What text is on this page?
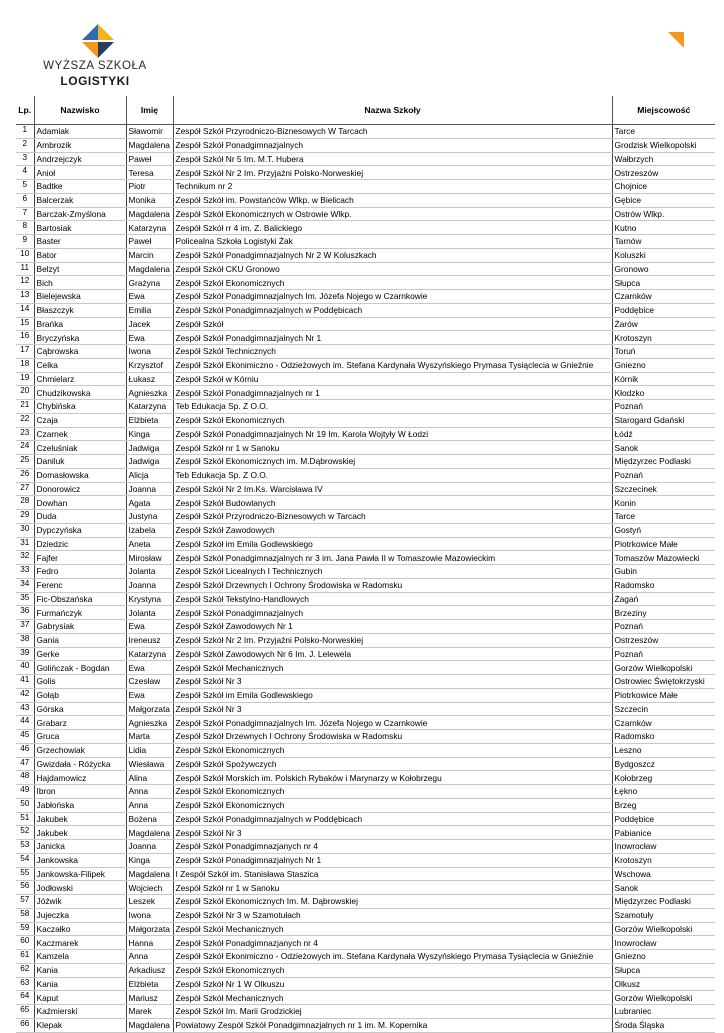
WYŻSZA SZKOŁA
LOGISTYKI
Lp.	Nazwisko	Imię	Nazwa Szkoły	Miejscowość
1	Adamiak	Sławomir	Zespół Szkół Przyrodniczo-Biznesowych W Tarcach	Tarce
2	Ambrozik	Magdalena	Zespół Szkół Ponadgimnazjalnych	Grodzisk Wielkopolski
3	Andrzejczyk	Paweł	Zespół Szkół Nr 5 Im. M.T. Hubera	Wałbrzych
4	Anioł	Teresa	Zespół Szkół Nr 2 Im. Przyjaźni Polsko-Norweskiej	Ostrzeszów
5	Badtke	Piotr	Technikum nr 2	Chojnice
6	Balcerzak	Monika	Zespół Szkół im. Powstańców Wlkp. w Bielicach	Gębice
7	Barczak-Zmyślona	Magdalena	Zespół Szkół Ekonomicznych w Ostrowie Wlkp.	Ostrów Wlkp.
8	Bartosiak	Katarzyna	Zespół Szkół rr 4 im. Z. Balickiego	Kutno
9	Baster	Paweł	Policealna Szkoła Logistyki Żak	Tarnów
10	Bator	Marcin	Zespół Szkół Ponadgimnazjalnych Nr 2 W Koluszkach	Koluszki
11	Belzyt	Magdalena	Zespół Szkół CKU Gronowo	Gronowo
12	Bich	Grażyna	Zespół Szkół Ekonomicznych	Słupca
13	Bielejewska	Ewa	Zespół Szkół Ponadgimnazjalnych Im. Józefa Nojego w Czarnkowie	Czarnków
14	Błaszczyk	Emilia	Zespół Szkół Ponadgimnazjalnych w Poddębicach	Poddębice
15	Brańka	Jacek	Zespół Szkół	Żarów
16	Bryczyńska	Ewa	Zespół Szkół Ponadgimnazjalnych Nr 1	Krotoszyn
17	Cąbrowska	Iwona	Zespół Szkół Technicznych	Toruń
18	Celka	Krzysztof	Zespół Szkół Ekonimiczno - Odzieżowych im. Stefana Kardynała Wyszyńskiego Prymasa Tysiąclecia w Gnieźnie	Gniezno
19	Chmielarz	Łukasz	Zespół Szkół w Kórniu	Kórnik
20	Chudzikowska	Agnieszka	Zespół Szkół Ponadgimnazjalnych nr 1	Kłodzko
21	Chybińska	Katarzyna	Teb Edukacja Sp. Z O.O.	Poznań
22	Czaja	Elżbieta	Zespół Szkół Ekonomicznych	Starogard Gdański
23	Czarnek	Kinga	Zespół Szkół Ponadgimnazjalnych Nr 19 Im. Karola Wojtyły W Łodzi	Łódź
24	Czeluśniak	Jadwiga	Zespół Szkół nr 1 w Sanoku	Sanok
25	Daniluk	Jadwiga	Zespół Szkół Ekonomicznych im. M.Dąbrowskiej	Międzyrzec Podlaski
26	Domasłowska	Alicja	Teb Edukacja Sp. Z O.O.	Poznań
27	Donorowicz	Joanna	Zespół Szkół Nr 2 Im.Ks. Warcisława IV	Szczecinek
28	Dowhan	Agata	Zespół Szkół Budowlanych	Konin
29	Duda	Justyna	Zespół Szkół Przyrodniczo-Biznesowych w Tarcach	Tarce
30	Dypczyńska	Izabela	Zespół Szkół Zawodowych	Gostyń
31	Dziedzic	Aneta	Zespół Szkół im Emila Godlewskiego	Piotrkowice Małe
32	Fajfer	Mirosław	Zespół Szkół Ponadgimnazjalnych nr 3 im. Jana Pawła II w Tomaszowie Mazowieckim	Tomaszów Mazowiecki
33	Fedro	Jolanta	Zespół Szkół Licealnych I Technicznych	Gubin
34	Ferenc	Joanna	Zespół Szkół Drzewnych I Ochrony Środowiska w Radomsku	Radomsko
35	Fic-Obszańska	Krystyna	Zespół Szkół Tekstylno-Handlowych	Żagań
36	Furmańczyk	Jolanta	Zespół Szkół Ponadgimnazjalnych	Brzeziny
37	Gabrysiak	Ewa	Zespół Szkół Zawodowych Nr 1	Poznań
38	Gania	Ireneusz	Zespół Szkół Nr 2 Im. Przyjaźni Polsko-Norweskiej	Ostrzeszów
39	Gerke	Katarzyna	Zespół Szkół Zawodowych Nr 6 Im. J. Lelewela	Poznań
40	Golińczak - Bogdan	Ewa	Zespół Szkół Mechanicznych	Gorzów Wielkopolski
41	Golis	Czesław	Zespół Szkół Nr 3	Ostrowiec Świętokrzyski
42	Gołąb	Ewa	Zespół Szkół im Emila Godlewskiego	Piotrkowice Małe
43	Górska	Małgorzata	Zespół Szkół Nr 3	Szczecin
44	Grabarz	Agnieszka	Zespół Szkół Ponadgimnazjalnych Im. Józefa Nojego w Czarnkowie	Czarnków
45	Gruca	Marta	Zespół Szkół Drzewnych I Ochrony Środowiska w Radomsku	Radomsko
46	Grzechowiak	Lidia	Zespół Szkół Ekonomicznych	Leszno
47	Gwizdała - Różycka	Wiesława	Zespół Szkół Spożywczych	Bydgoszcz
48	Hajdamowicz	Alina	Zespół Szkół Morskich im. Polskich Rybaków i Marynarzy w Kołobrzegu	Kołobrzeg
49	Ibron	Anna	Zespół Szkół Ekonomicznych	Łękno
50	Jabłońska	Anna	Zespół Szkół Ekonomicznych	Brzeg
51	Jakubek	Bożena	Zespół Szkół Ponadgimnazjalnych w Poddębicach	Poddębice
52	Jakubek	Magdalena	Zespół Szkół Nr 3	Pabianice
53	Janicka	Joanna	Zespół Szkół Ponadgimnazjanych nr 4	Inowrocław
54	Jankowska	Kinga	Zespół Szkół Ponadgimnazjalnych Nr 1	Krotoszyn
55	Jankowska-Filipek	Magdalena	I Zespół Szkół im. Stanisława Staszica	Wschowa
56	Jodłowski	Wojciech	Zespół Szkół nr 1 w Sanoku	Sanok
57	Jóźwik	Leszek	Zespół Szkół Ekonomicznych Im. M. Dąbrowskiej	Międzyrzec Podlaski
58	Jujeczka	Iwona	Zespół Szkół Nr 3 w Szamotułach	Szamotuły
59	Kaczałko	Małgorzata	Zespół Szkół Mechanicznych	Gorzów Wielkopolski
60	Kaczmarek	Hanna	Zespół Szkół Ponadgimnazjanych nr 4	Inowrocław
61	Kamzela	Anna	Zespół Szkół Ekonimiczno - Odzieżowych im. Stefana Kardynała Wyszyńskiego Prymasa Tysiąclecia w Gnieźnie	Gniezno
62	Kania	Arkadiusz	Zespół Szkół Ekonomicznych	Słupca
63	Kania	Elżbieta	Zespół Szkół Nr 1 W Olkuszu	Olkusz
64	Kaput	Mariusz	Zespół Szkół Mechanicznych	Gorzów Wielkopolski
65	Kaźmierski	Marek	Zespół Szkół Im. Marii Grodzickiej	Lubraniec
66	Klepak	Magdalena	Powiatowy Zespół Szkół Ponadgimnazjalnych nr 1 im. M. Kopernika	Środa Śląska
